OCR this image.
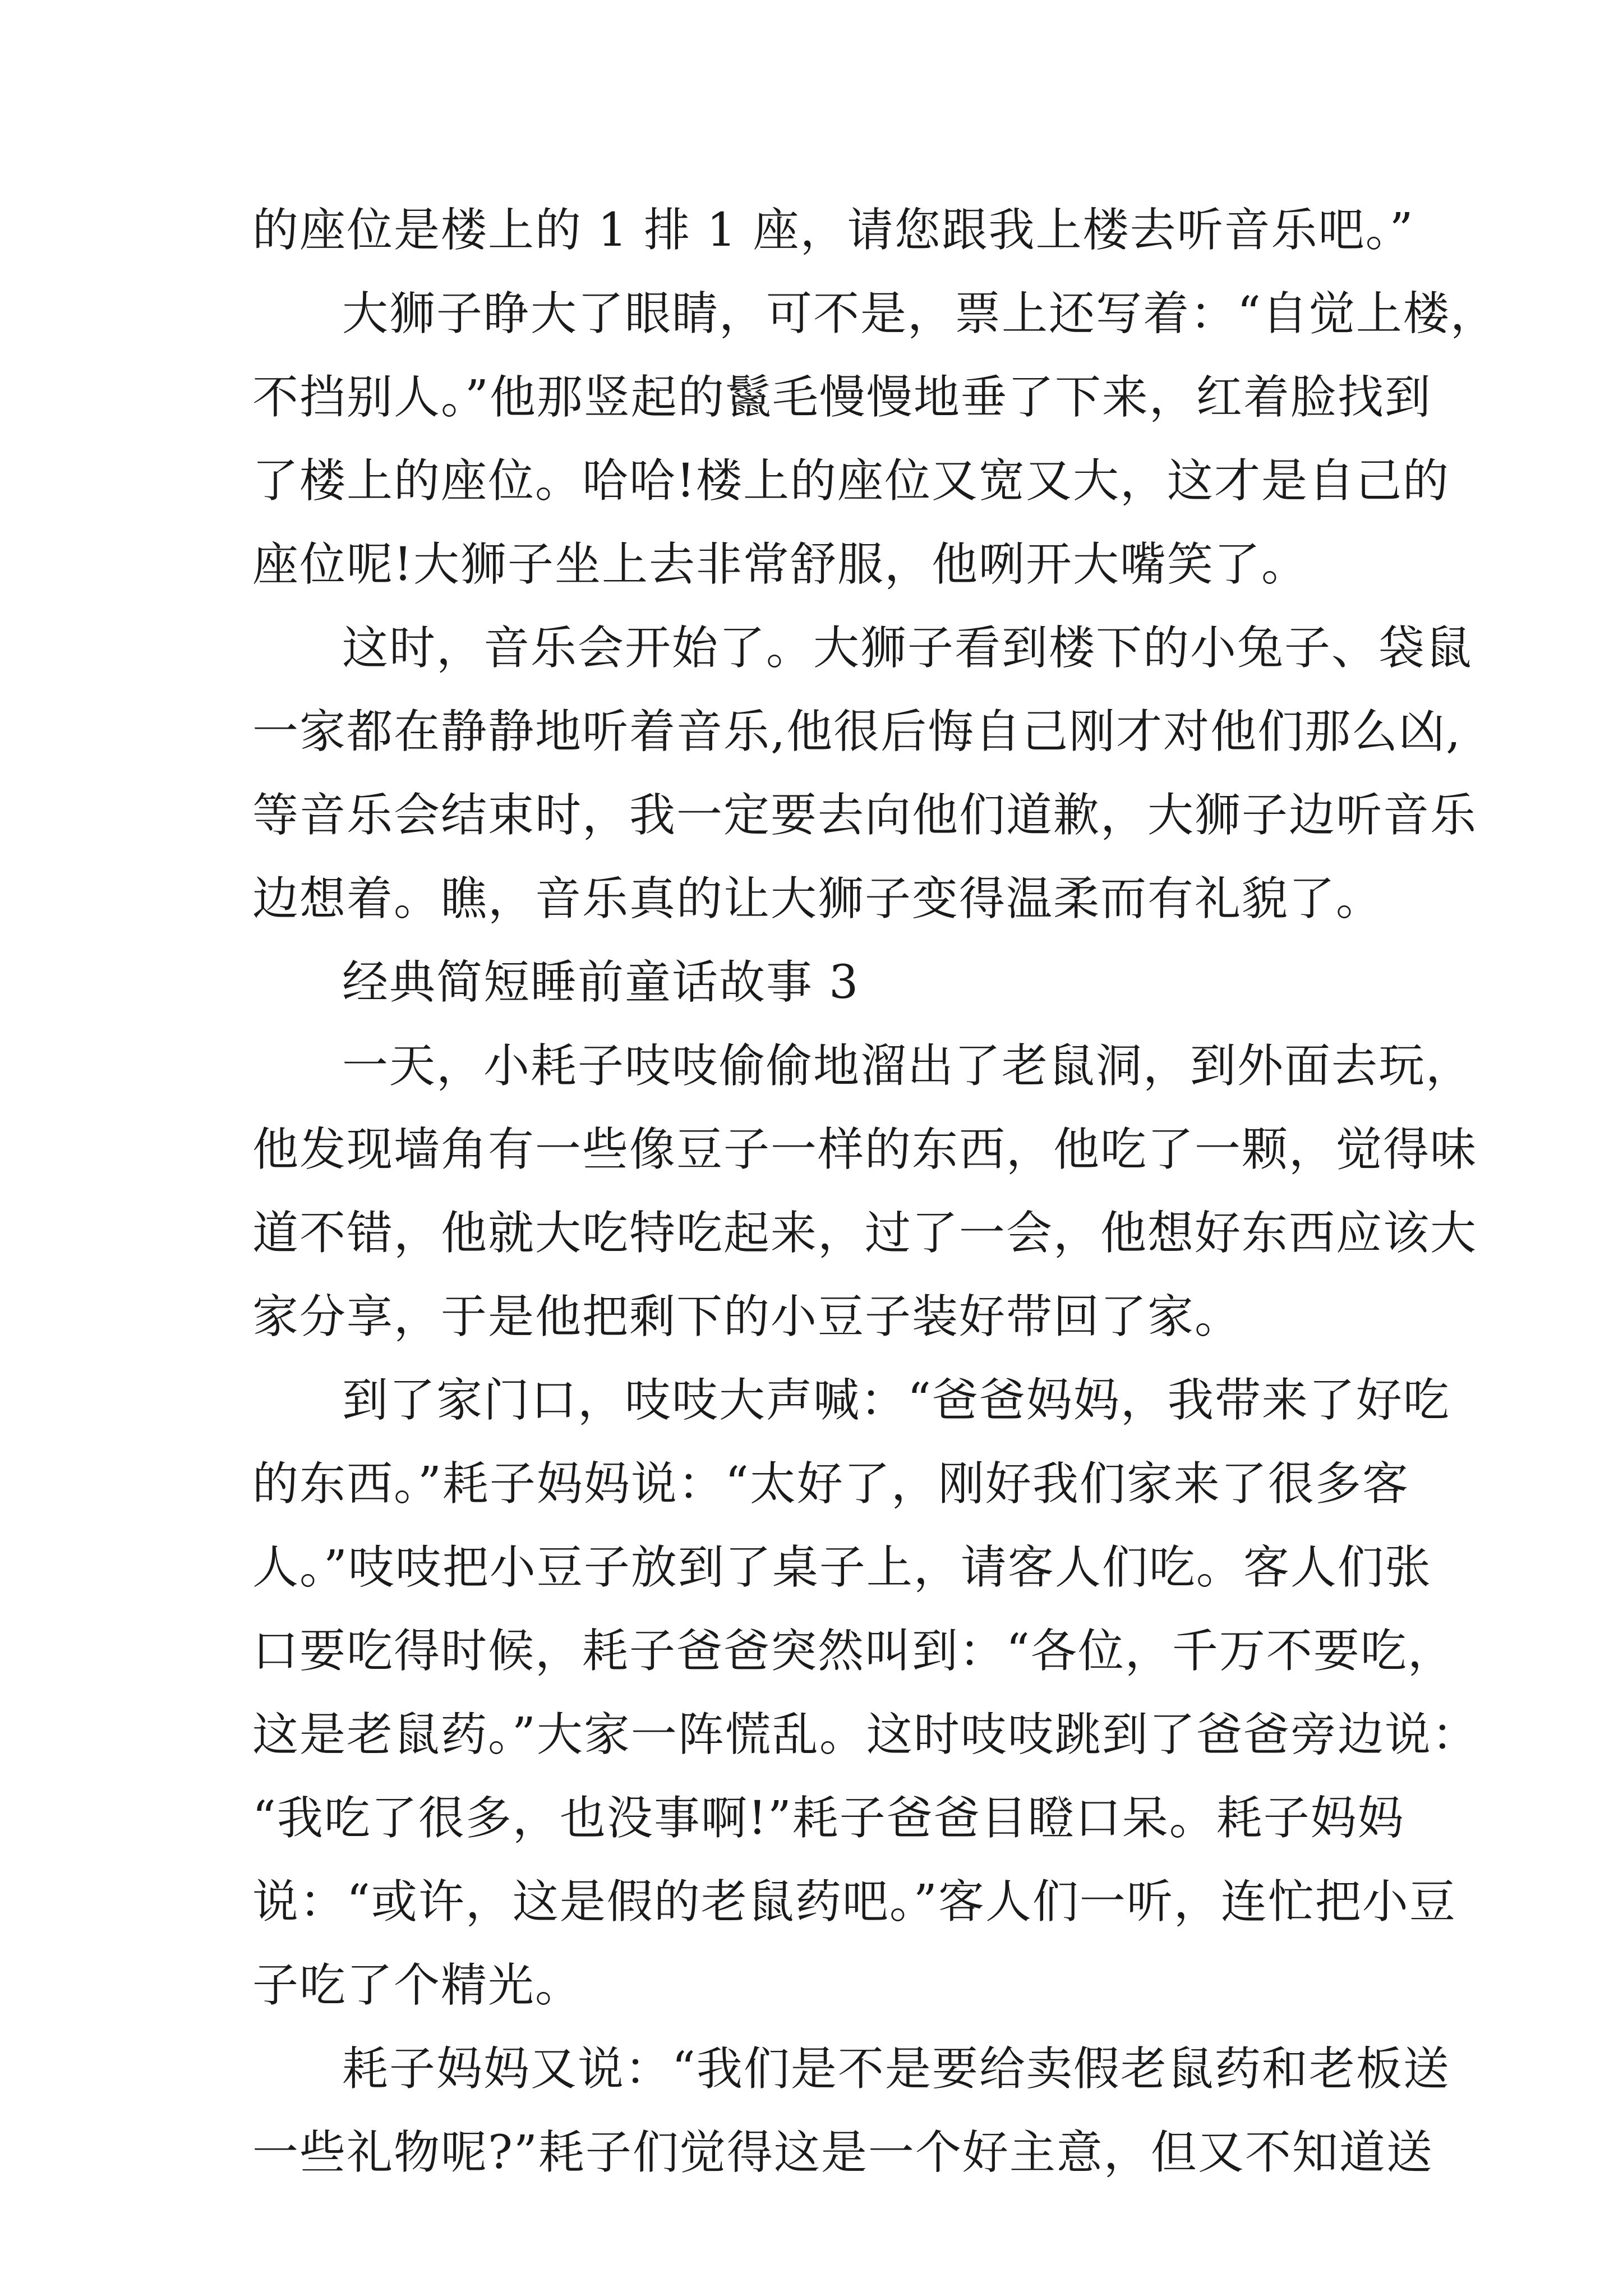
的座位是楼上的 1 排 1 座，请您跟我上楼去听音乐吧。”
大狮子睁大了眼睛，可不是，票上还写着：“自觉上楼，
不挡别人。”他那竖起的鬣毛慢慢地垂了下来，红着脸找到
了楼上的座位。哈哈!楼上的座位又宽又大，这才是自己的
座位呢!大狮子坐上去非常舒服，他咧开大嘴笑了。
这时，音乐会开始了。大狮子看到楼下的小兔子、袋鼠
一家都在静静地听着音乐,他很后悔自己刚才对他们那么凶,
等音乐会结束时，我一定要去向他们道歉，大狮子边听音乐
边想着。瞧，音乐真的让大狮子变得温柔而有礼貌了。
经典简短睡前童话故事 3
一天，小耗子吱吱偷偷地溜出了老鼠洞，到外面去玩，
他发现墙角有一些像豆子一样的东西，他吃了一颗，觉得味
道不错，他就大吃特吃起来，过了一会，他想好东西应该大
家分享，于是他把剩下的小豆子装好带回了家。
到了家门口，吱吱大声喊：“爸爸妈妈，我带来了好吃
的东西。”耗子妈妈说：“太好了，刚好我们家来了很多客
人。”吱吱把小豆子放到了桌子上，请客人们吃。客人们张
口要吃得时候，耗子爸爸突然叫到：“各位，千万不要吃，
这是老鼠药。”大家一阵慌乱。这时吱吱跳到了爸爸旁边说：
“我吃了很多，也没事啊!”耗子爸爸目瞪口呆。耗子妈妈
说：“或许，这是假的老鼠药吧。”客人们一听，连忙把小豆
子吃了个精光。
耗子妈妈又说：“我们是不是要给卖假老鼠药和老板送
一些礼物呢?”耗子们觉得这是一个好主意，但又不知道送
